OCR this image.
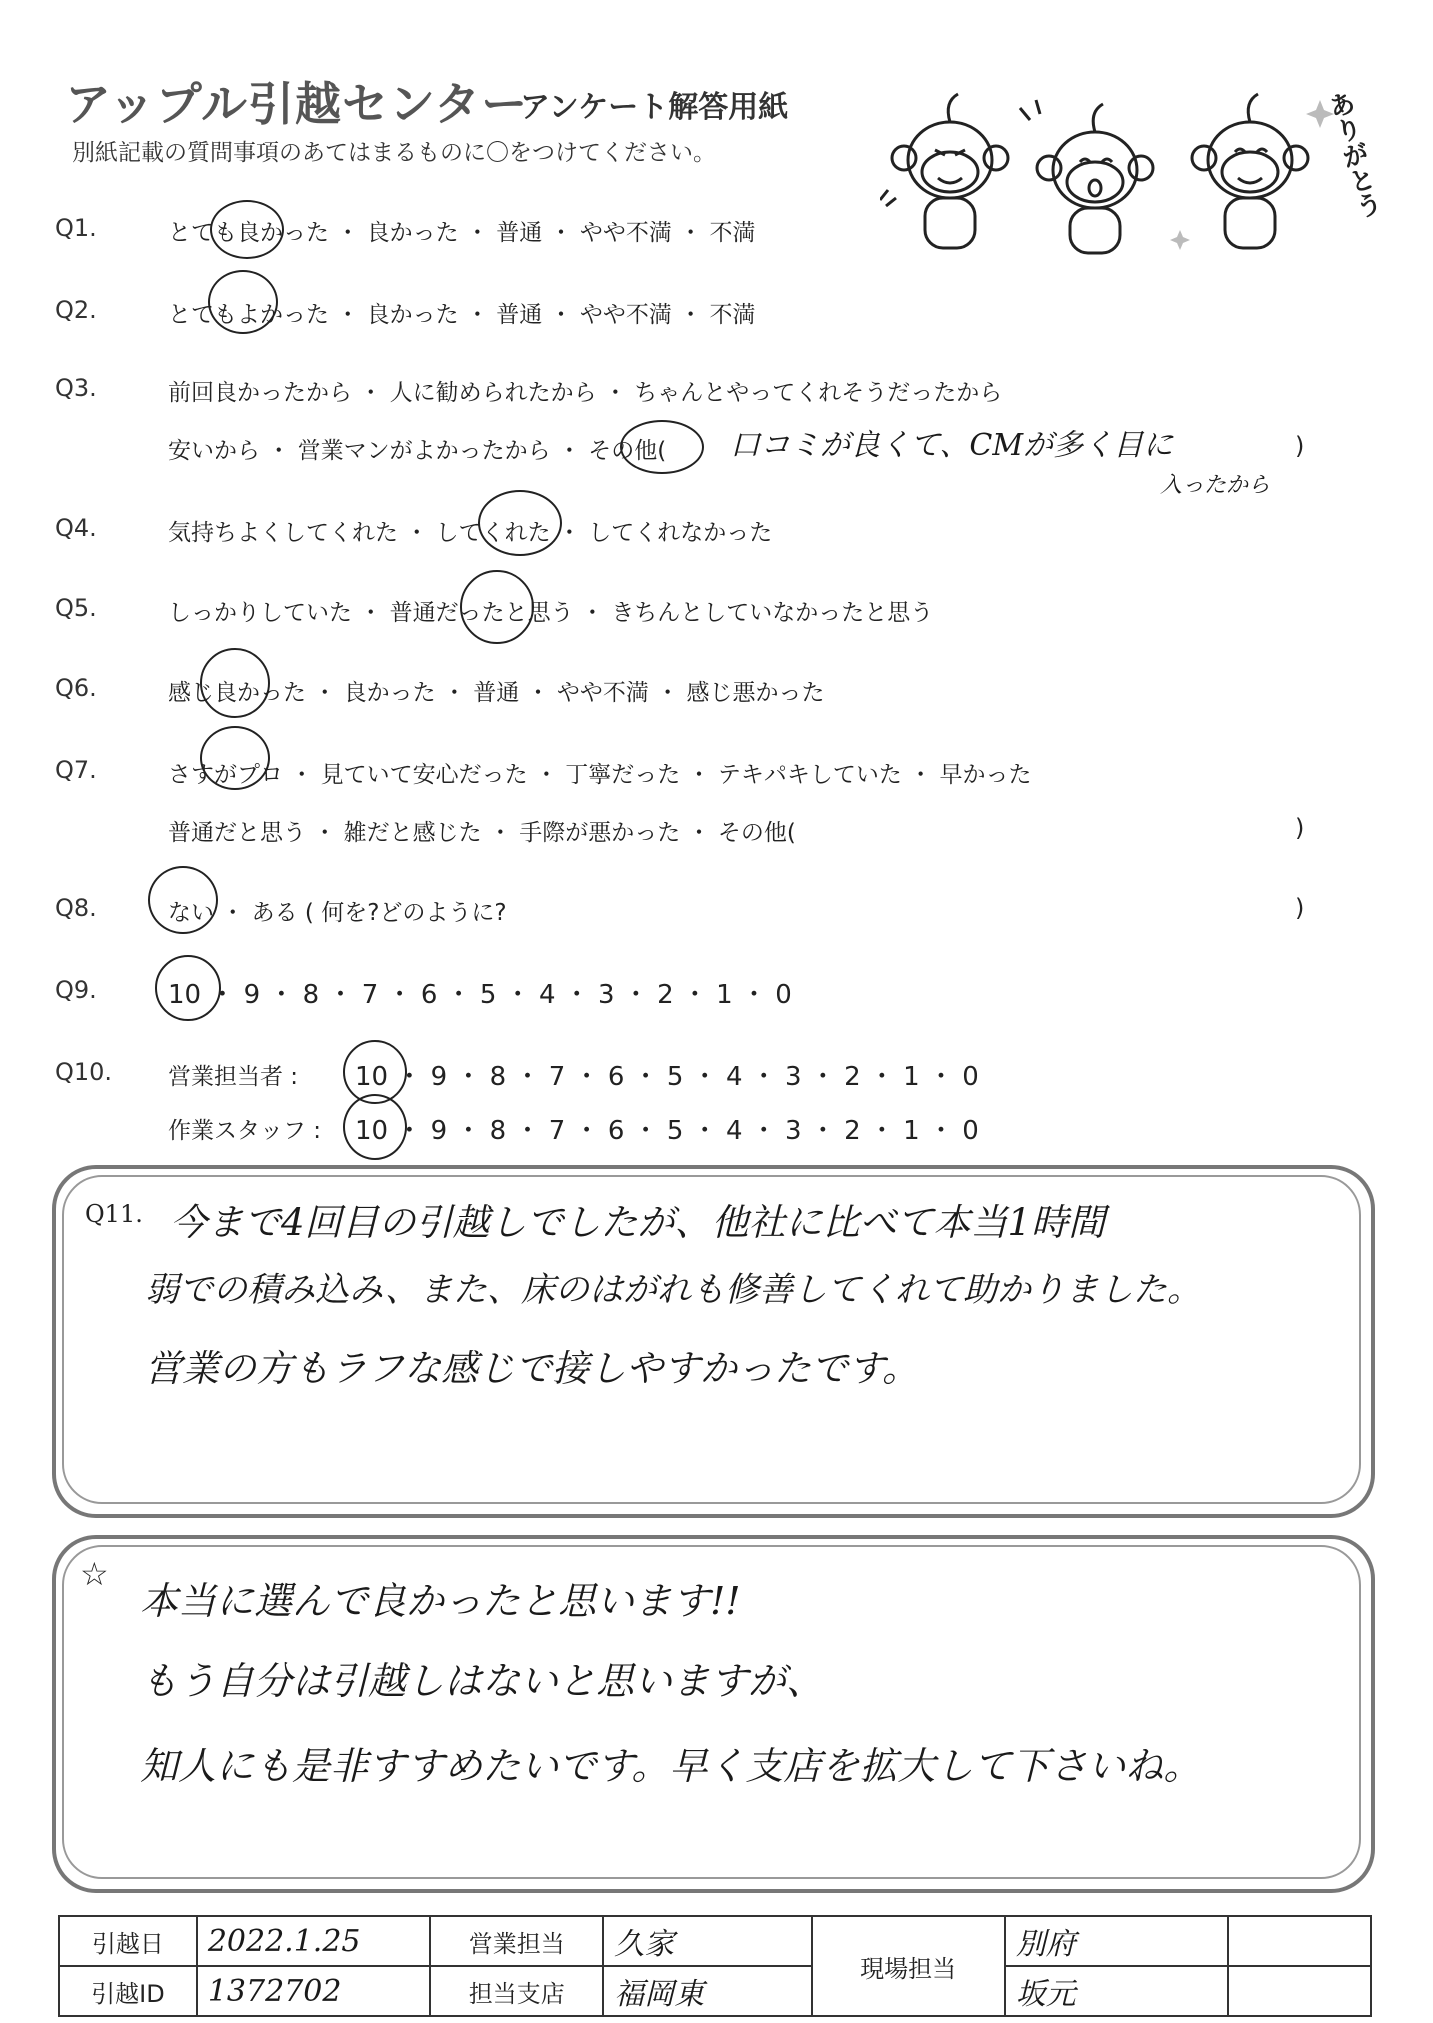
アップル引越センター
アンケート解答用紙
別紙記載の質問事項のあてはまるものに〇をつけてください。	ありがとう
Q1.	とても良かった ・ 良かった ・ 普通 ・ やや不満 ・ 不満
Q2.	とてもよかった ・ 良かった ・ 普通 ・ やや不満 ・ 不満
Q3.	前回良かったから ・ 人に勧められたから ・ ちゃんとやってくれそうだったから
安いから ・ 営業マンがよかったから ・ その他(	)
口コミが良くて、CMが多く目に
入ったから
Q4.	気持ちよくしてくれた ・ してくれた ・ してくれなかった
Q5.	しっかりしていた ・ 普通だったと思う ・ きちんとしていなかったと思う
Q6.	感じ良かった ・ 良かった ・ 普通 ・ やや不満 ・ 感じ悪かった
Q7.	さすがプロ ・ 見ていて安心だった ・ 丁寧だった ・ テキパキしていた ・ 早かった
普通だと思う ・ 雑だと感じた ・ 手際が悪かった ・ その他(	)
Q8.	ない ・ ある ( 何を?どのように?	)
Q9.	10 ・ 9 ・ 8 ・ 7 ・ 6 ・ 5 ・ 4 ・ 3 ・ 2 ・ 1 ・ 0
Q10. 営業担当者 : 10 ・ 9 ・ 8 ・ 7 ・ 6 ・ 5 ・ 4 ・ 3 ・ 2 ・ 1 ・ 0
作業スタッフ : 10 ・ 9 ・ 8 ・ 7 ・ 6 ・ 5 ・ 4 ・ 3 ・ 2 ・ 1 ・ 0
Q11. 今まで4回目の引越しでしたが、他社に比べて本当1時間
弱での積み込み、また、床のはがれも修善してくれて助かりました。
営業の方もラフな感じで接しやすかったです。
☆
本当に選んで良かったと思います!!
もう自分は引越しはないと思いますが、
知人にも是非すすめたいです。早く支店を拡大して下さいね。
引越日	2022.1.25	営業担当	久家	現場担当	別府	
引越ID	1372702	担当支店	福岡東		坂元	
